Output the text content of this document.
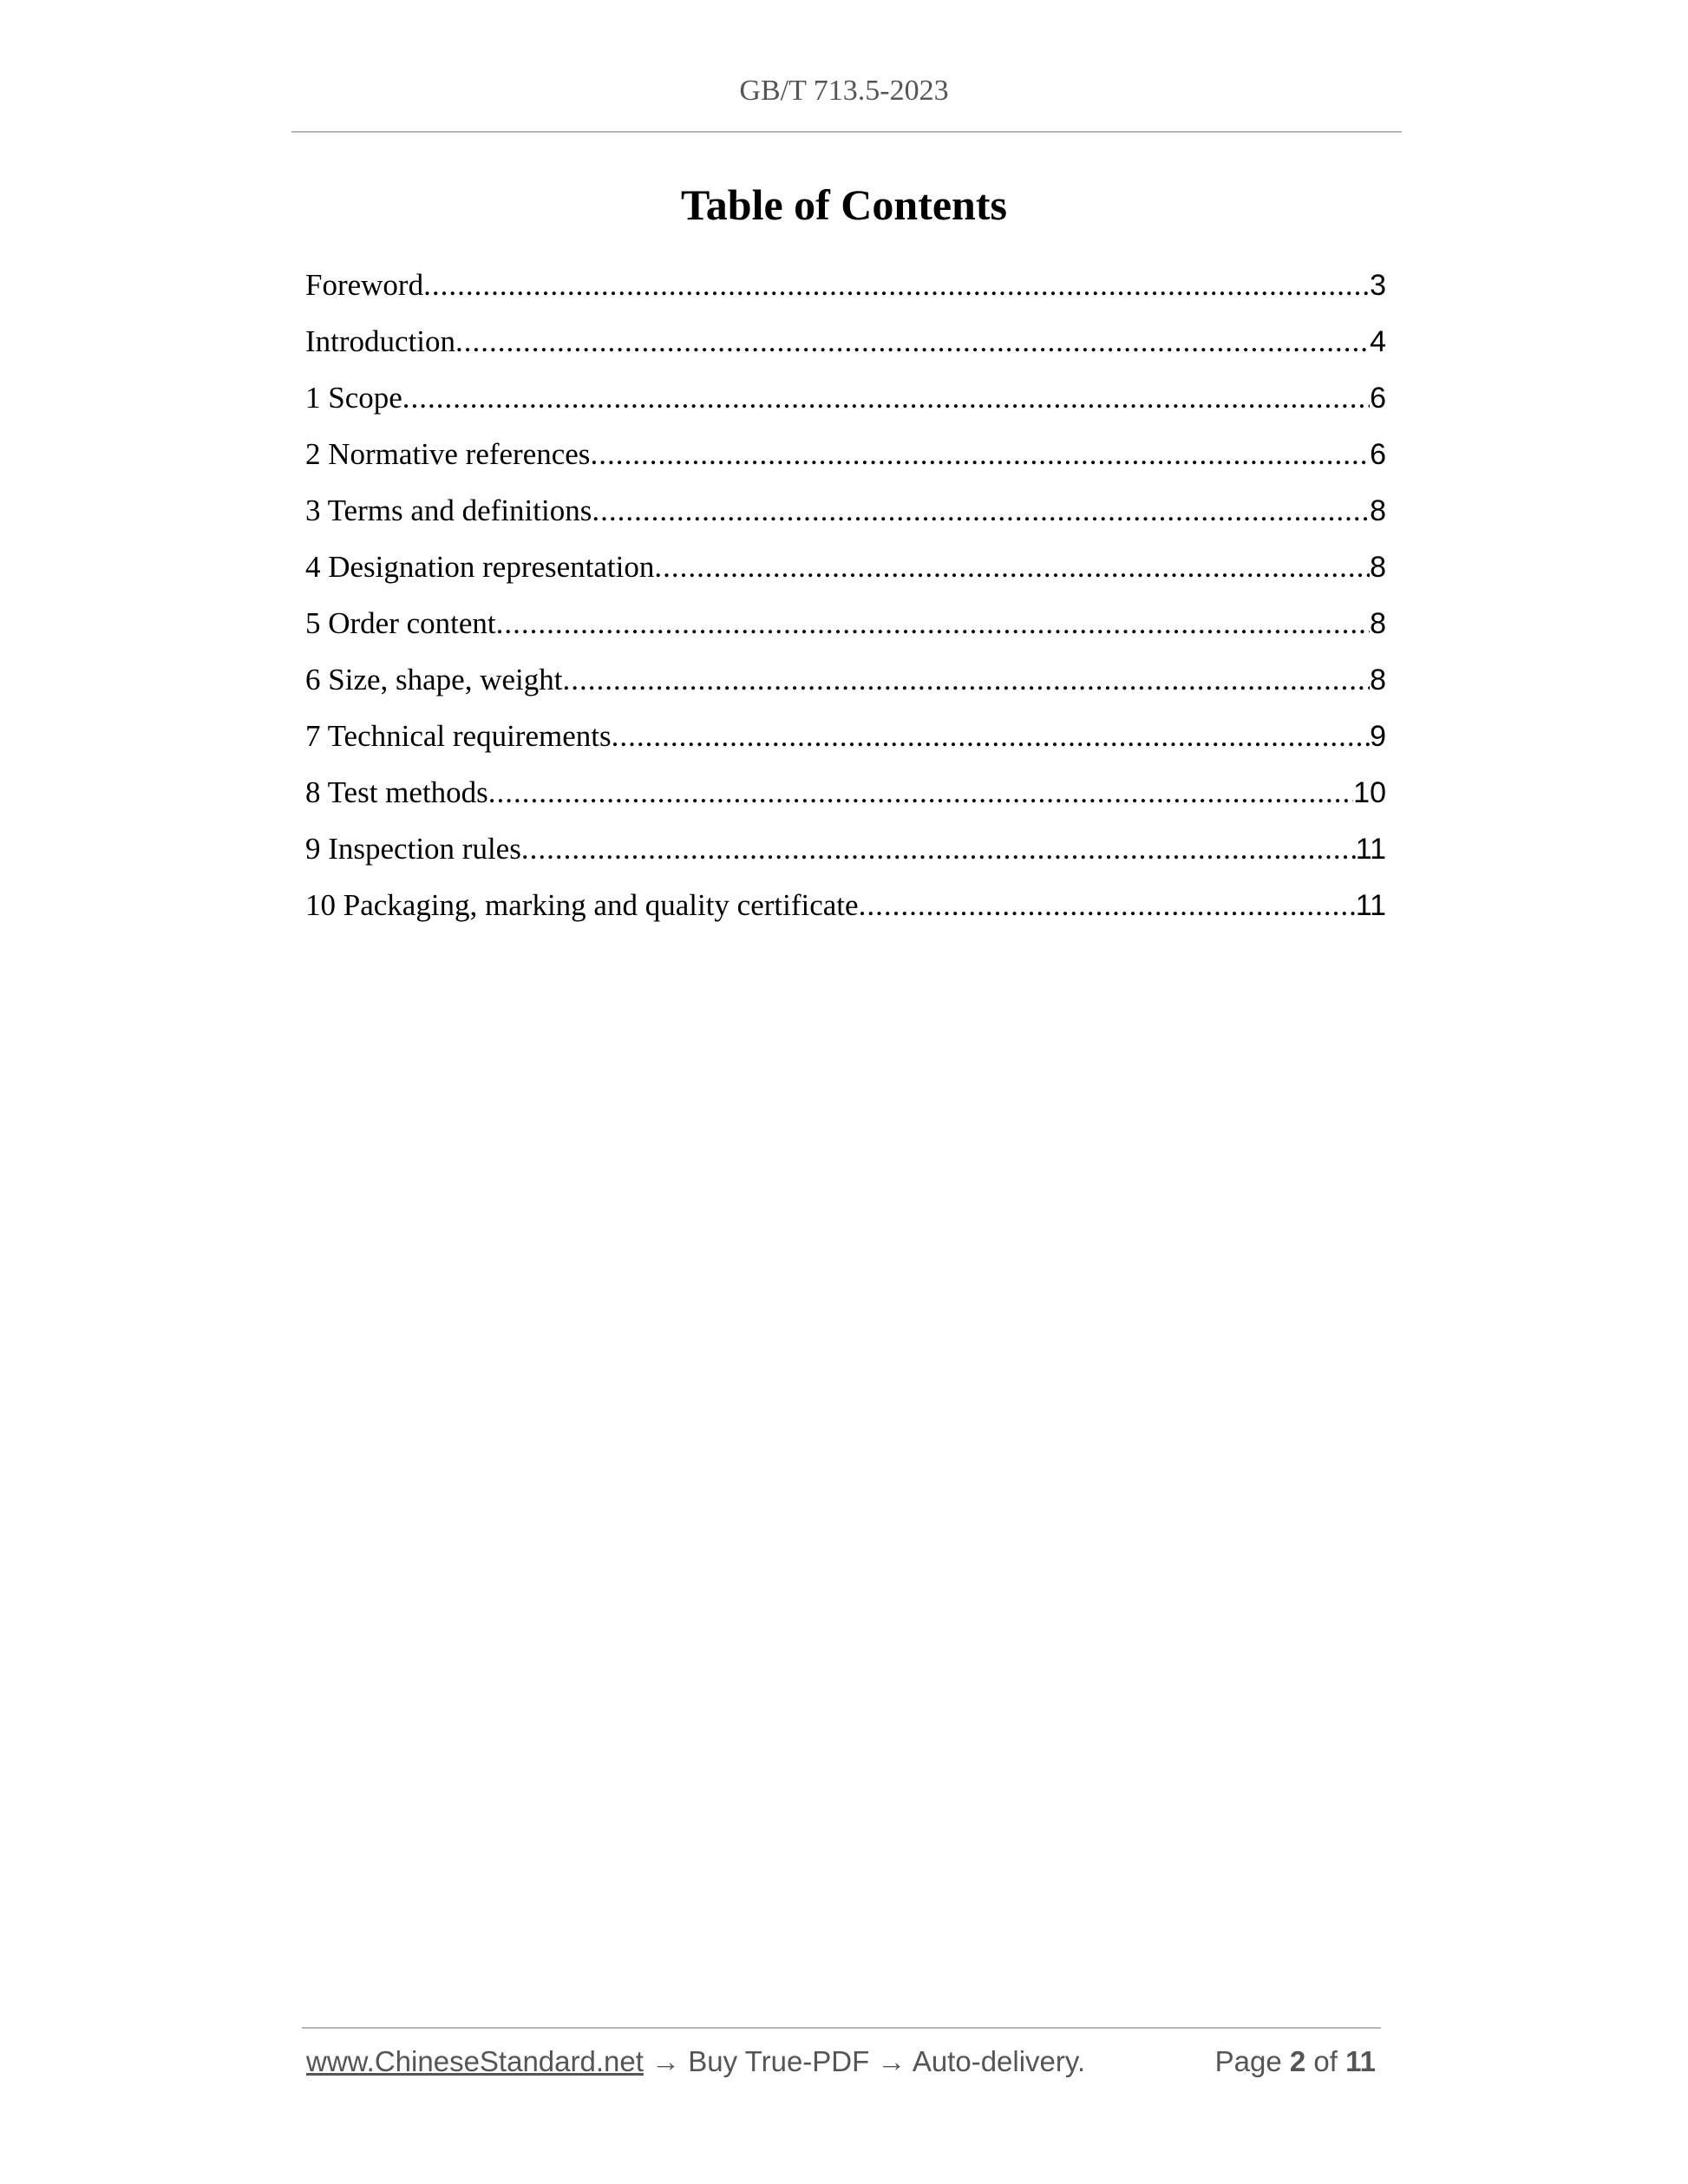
GB/T 713.5-2023
Table of Contents
Foreword .....	3
Introduction .....	4
1 Scope .....	6
2 Normative references .....	6
3 Terms and definitions .....	8
4 Designation representation .....	8
5 Order content .....	8
6 Size, shape, weight .....	8
7 Technical requirements .....	9
8 Test methods .....	10
9 Inspection rules .....	11
10 Packaging, marking and quality certificate .....	11
www.ChineseStandard.net → Buy True-PDF → Auto-delivery.	Page 2 of 11
